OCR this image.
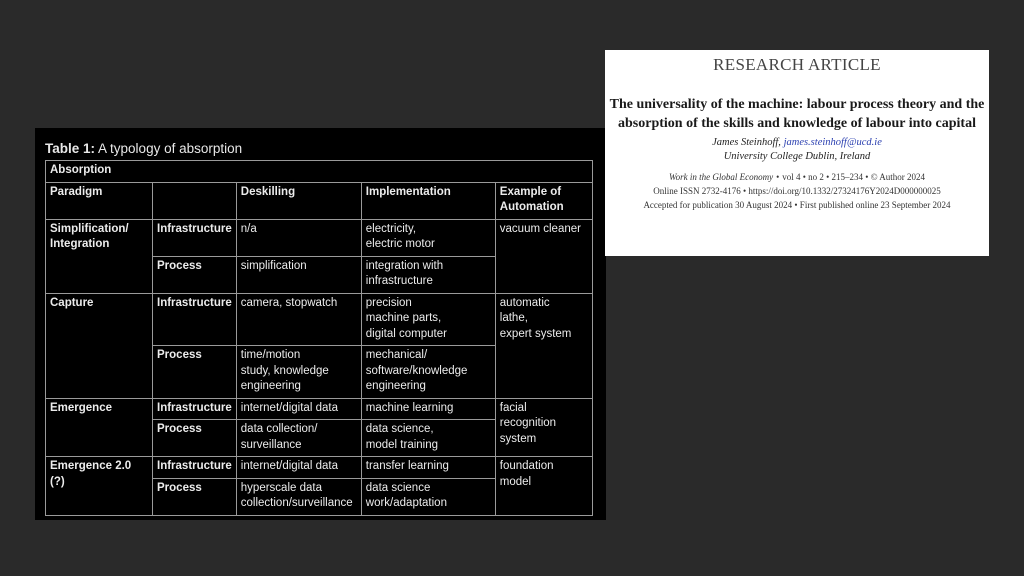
Table 1: A typology of absorption
Absorption				
Paradigm		Deskilling	Implementation	Example of Automation
Simplification/ Integration	Infrastructure	n/a	electricity,
electric motor	vacuum cleaner
	Process	simplification	integration with
infrastructure	
Capture	Infrastructure	camera, stopwatch	precision
machine parts,
digital computer	automatic
lathe,
expert system
	Process	time/motion
study, knowledge
engineering	mechanical/
software/knowledge
engineering	
Emergence	Infrastructure	internet/digital data	machine learning	facial
recognition
system
	Process	data collection/
surveillance	data science,
model training	
Emergence 2.0 (?)	Infrastructure	internet/digital data	transfer learning	foundation
model
	Process	hyperscale data
collection/surveillance	data science
work/adaptation	
RESEARCH ARTICLE
The universality of the machine: labour process theory and the absorption of the skills and knowledge of labour into capital
James Steinhoff, james.steinhoff@ucd.ie
University College Dublin, Ireland
Work in the Global Economy • vol 4 • no 2 • 215–234 • © Author 2024
Online ISSN 2732-4176 • https://doi.org/10.1332/27324176Y2024D000000025
Accepted for publication 30 August 2024 • First published online 23 September 2024
